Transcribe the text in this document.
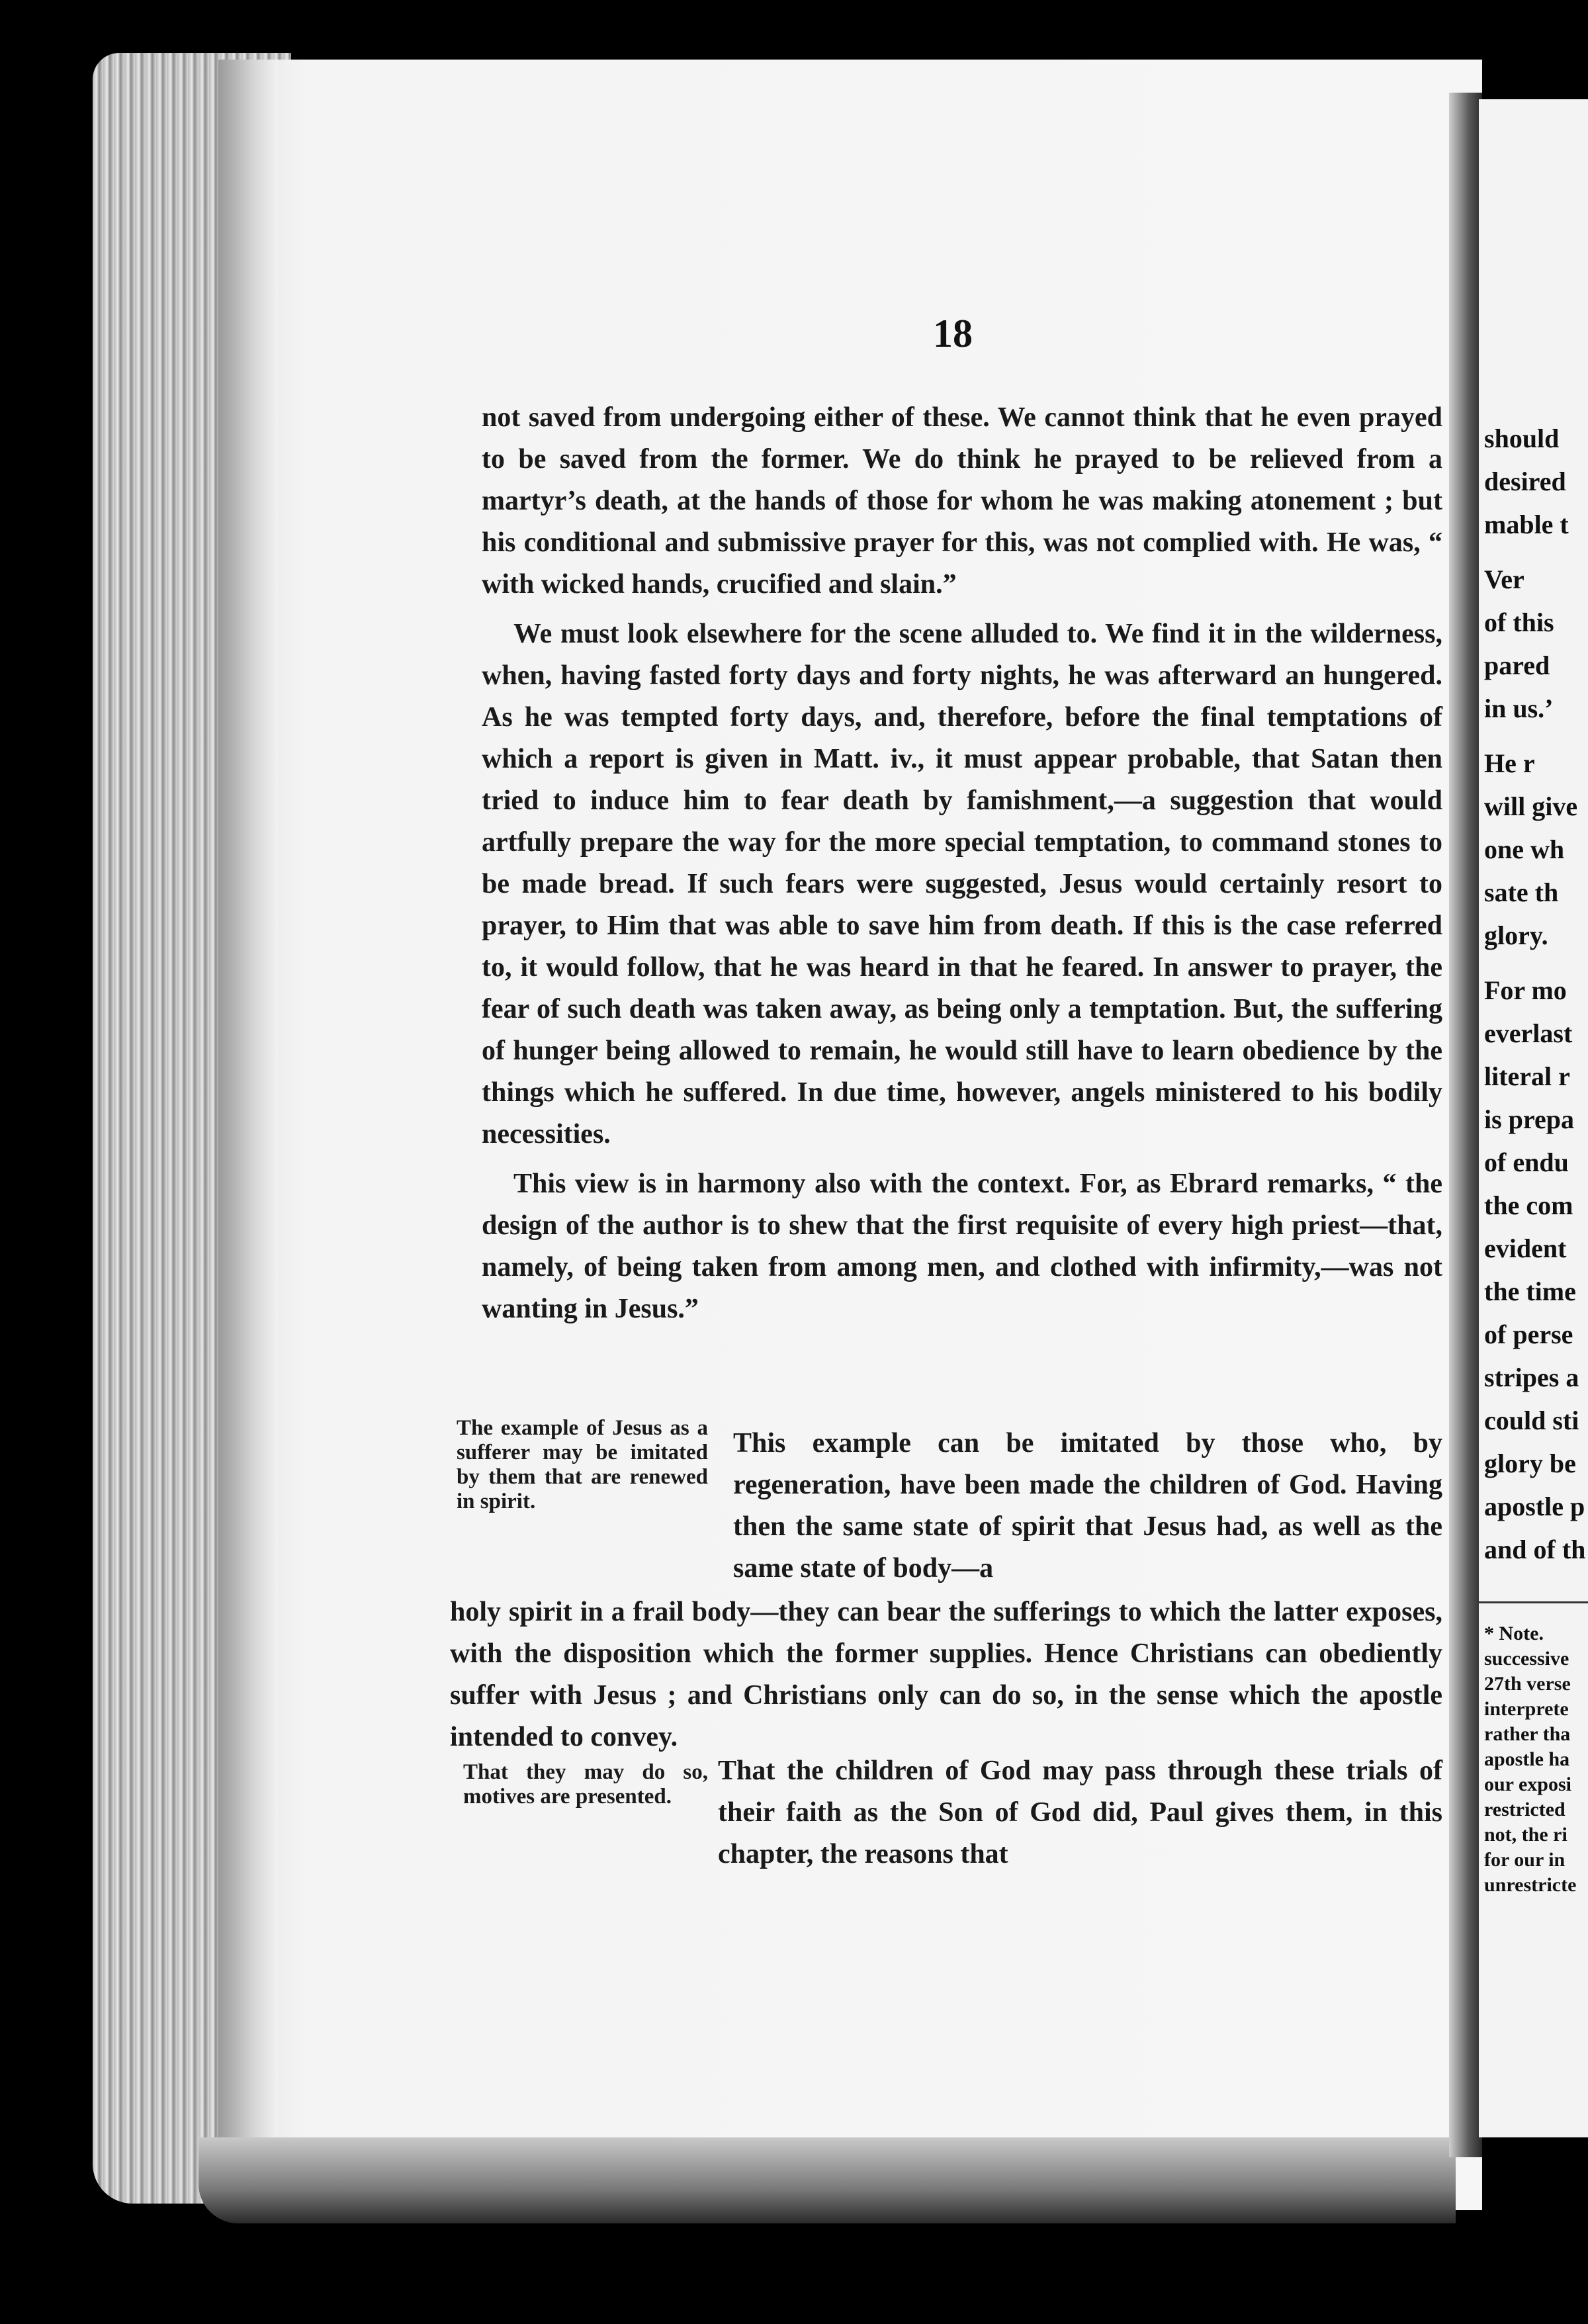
18

not saved from undergoing either of these. We cannot think that he even prayed to be saved from the former. We do think he prayed to be relieved from a martyr’s death, at the hands of those for whom he was making atonement ; but his conditional and submissive prayer for this, was not complied with. He was, “ with wicked hands, crucified and slain.”

We must look elsewhere for the scene alluded to. We find it in the wilderness, when, having fasted forty days and forty nights, he was afterward an hungered. As he was tempted forty days, and, therefore, before the final temptations of which a report is given in Matt. iv., it must appear probable, that Satan then tried to induce him to fear death by famishment,—a suggestion that would artfully prepare the way for the more special temptation, to command stones to be made bread. If such fears were suggested, Jesus would certainly resort to prayer, to Him that was able to save him from death. If this is the case referred to, it would follow, that he was heard in that he feared. In answer to prayer, the fear of such death was taken away, as being only a temptation. But, the suffering of hunger being allowed to remain, he would still have to learn obedience by the things which he suffered. In due time, however, angels ministered to his bodily necessities.

This view is in harmony also with the context. For, as Ebrard remarks, “ the design of the author is to shew that the first requisite of every high priest—that, namely, of being taken from among men, and clothed with infirmity,—was not wanting in Jesus.”

The example of Jesus as a sufferer may be imitated by them that are renewed in spirit.
This example can be imitated by those who, by regeneration, have been made the children of God. Having then the same state of spirit that Jesus had, as well as the same state of body—a
holy spirit in a frail body—they can bear the sufferings to which the latter exposes, with the disposition which the former supplies. Hence Christians can obediently suffer with Jesus ; and Christians only can do so, in the sense which the apostle intended to convey.
That they may do so, motives are presented.
That the children of God may pass through these trials of their faith as the Son of God did, Paul gives them, in this chapter, the reasons that
should
desired
mable t
Ver
of this
pared
in us.’
He r
will give
one wh
sate th
glory.
For mo
everlast
literal r
is prepa
of endu
the com
evident
the time
of perse
stripes a
could sti
glory be
apostle p
and of th
* Note.
successive
27th verse
interprete
rather tha
apostle ha
our exposi
restricted
not, the ri
for our in
unrestricte
